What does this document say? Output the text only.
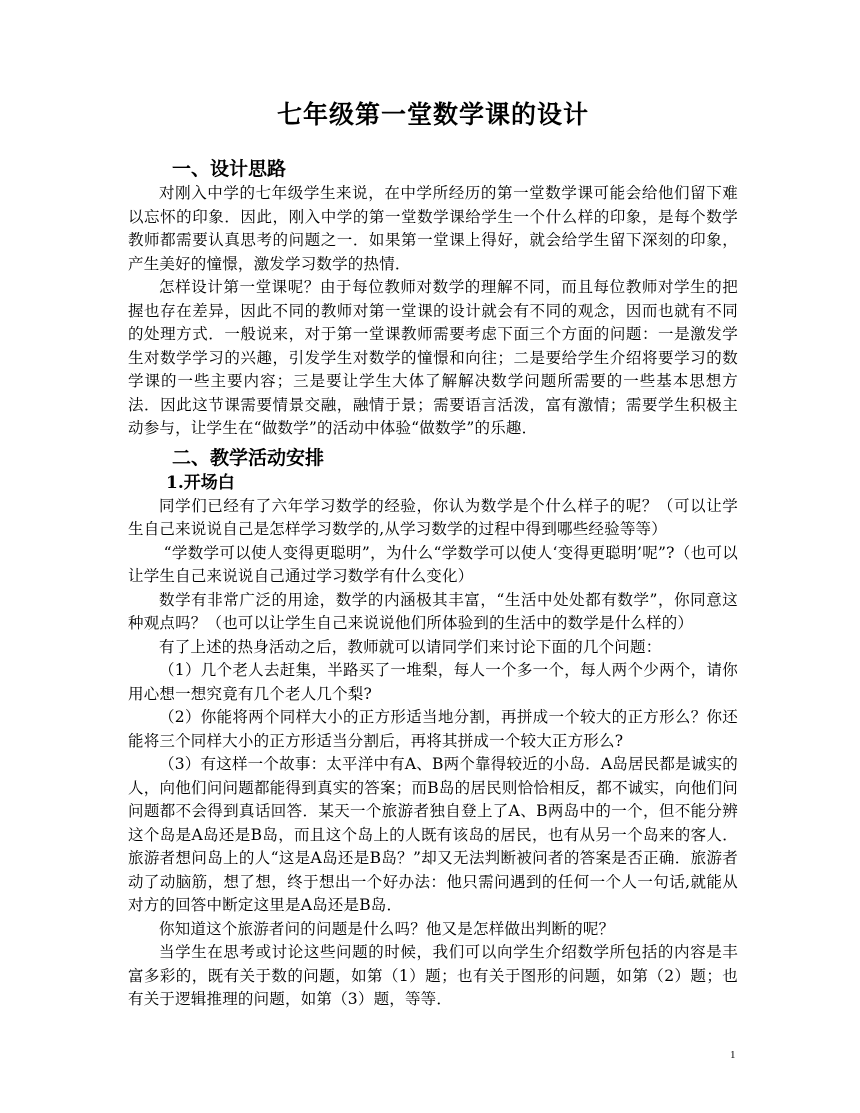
七年级第一堂数学课的设计
一、设计思路

对刚入中学的七年级学生来说，在中学所经历的第一堂数学课可能会给他们留下难以忘怀的印象．因此，刚入中学的第一堂数学课给学生一个什么样的印象，是每个数学教师都需要认真思考的问题之一．如果第一堂课上得好，就会给学生留下深刻的印象，产生美好的憧憬，激发学习数学的热情．

怎样设计第一堂课呢？由于每位教师对数学的理解不同，而且每位教师对学生的把握也存在差异，因此不同的教师对第一堂课的设计就会有不同的观念，因而也就有不同的处理方式．一般说来，对于第一堂课教师需要考虑下面三个方面的问题：一是激发学生对数学学习的兴趣，引发学生对数学的憧憬和向往；二是要给学生介绍将要学习的数学课的一些主要内容；三是要让学生大体了解解决数学问题所需要的一些基本思想方法．因此这节课需要情景交融，融情于景；需要语言活泼，富有激情；需要学生积极主动参与，让学生在“做数学”的活动中体验“做数学”的乐趣．

二、教学活动安排
1.开场白

同学们已经有了六年学习数学的经验，你认为数学是个什么样子的呢？（可以让学生自己来说说自己是怎样学习数学的,从学习数学的过程中得到哪些经验等等）

“学数学可以使人变得更聪明”，为什么“学数学可以使人‘变得更聪明’呢”?（也可以让学生自己来说说自己通过学习数学有什么变化）

数学有非常广泛的用途，数学的内涵极其丰富，“生活中处处都有数学”，你同意这种观点吗？（也可以让学生自己来说说他们所体验到的生活中的数学是什么样的）

有了上述的热身活动之后，教师就可以请同学们来讨论下面的几个问题：

（1）几个老人去赶集，半路买了一堆梨，每人一个多一个，每人两个少两个，请你用心想一想究竟有几个老人几个梨?

（2）你能将两个同样大小的正方形适当地分割，再拼成一个较大的正方形么？你还能将三个同样大小的正方形适当分割后，再将其拼成一个较大正方形么?

（3）有这样一个故事：太平洋中有A、B两个靠得较近的小岛．A岛居民都是诚实的人，向他们问问题都能得到真实的答案；而B岛的居民则恰恰相反，都不诚实，向他们问问题都不会得到真话回答．某天一个旅游者独自登上了A、B两岛中的一个，但不能分辨这个岛是A岛还是B岛，而且这个岛上的人既有该岛的居民，也有从另一个岛来的客人．旅游者想问岛上的人“这是A岛还是B岛？”却又无法判断被问者的答案是否正确．旅游者动了动脑筋，想了想，终于想出一个好办法：他只需问遇到的任何一个人一句话,就能从对方的回答中断定这里是A岛还是B岛．

你知道这个旅游者问的问题是什么吗？他又是怎样做出判断的呢？

当学生在思考或讨论这些问题的时候，我们可以向学生介绍数学所包括的内容是丰富多彩的，既有关于数的问题，如第（1）题；也有关于图形的问题，如第（2）题；也有关于逻辑推理的问题，如第（3）题，等等．

1
